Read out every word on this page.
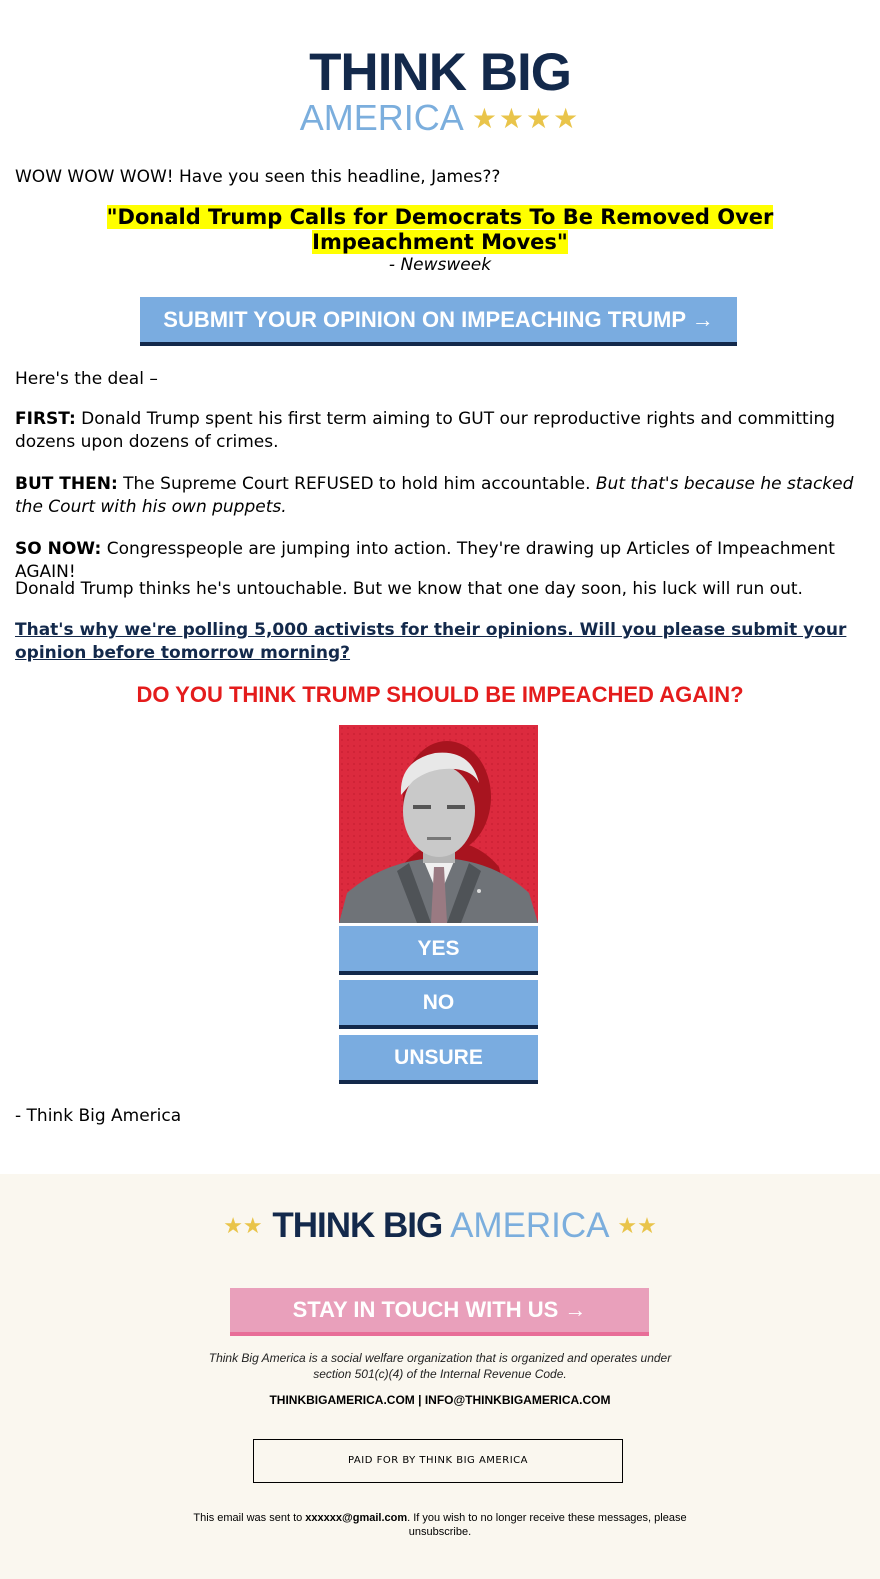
THINK BIG
AMERICA ★★★★

WOW WOW WOW! Have you seen this headline, James??

"Donald Trump Calls for Democrats To Be Removed Over Impeachment Moves"
- Newsweek
SUBMIT YOUR OPINION ON IMPEACHING TRUMP →

Here's the deal –

FIRST: Donald Trump spent his first term aiming to GUT our reproductive rights and committing dozens upon dozens of crimes.

BUT THEN: The Supreme Court REFUSED to hold him accountable. But that's because he stacked the Court with his own puppets.

SO NOW: Congresspeople are jumping into action. They're drawing up Articles of Impeachment AGAIN!

Donald Trump thinks he's untouchable. But we know that one day soon, his luck will run out.

That's why we're polling 5,000 activists for their opinions. Will you please submit your opinion before tomorrow morning?

DO YOU THINK TRUMP SHOULD BE IMPEACHED AGAIN?
YES
NO
UNSURE

- Think Big America

★★ THINK BIG AMERICA ★★
STAY IN TOUCH WITH US →
Think Big America is a social welfare organization that is organized and operates under section 501(c)(4) of the Internal Revenue Code.
THINKBIGAMERICA.COM | INFO@THINKBIGAMERICA.COM
PAID FOR BY THINK BIG AMERICA
This email was sent to xxxxxx@gmail.com. If you wish to no longer receive these messages, please unsubscribe.
